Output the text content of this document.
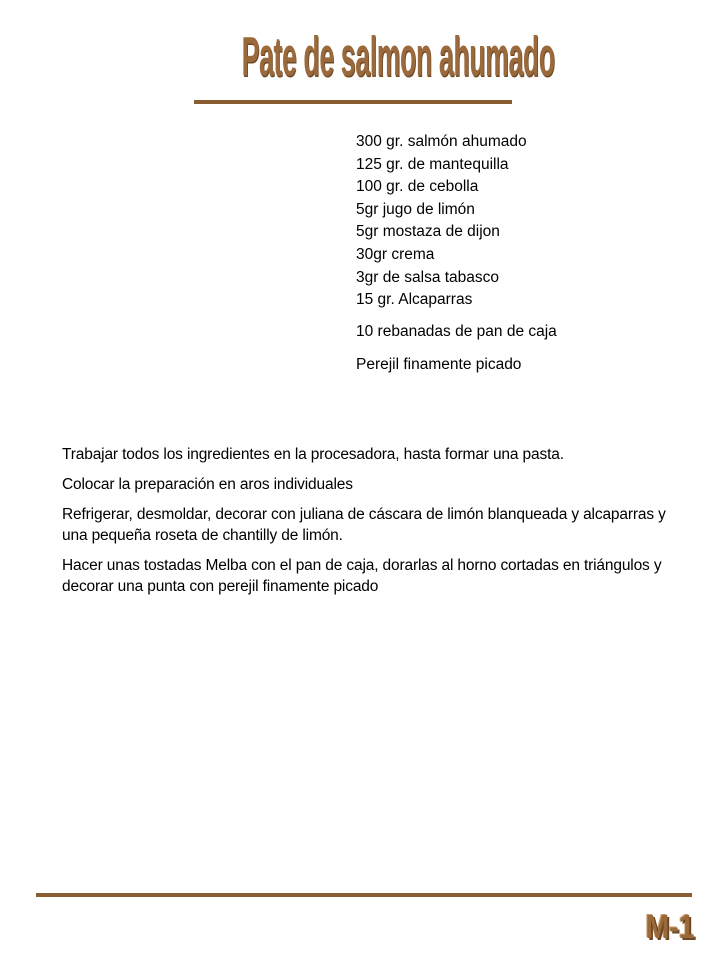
Pate de salmon ahumado
300 gr. salmón ahumado
125 gr. de mantequilla
100 gr. de cebolla
5gr jugo de limón
5gr mostaza de dijon
30gr crema
3gr de salsa tabasco
15 gr. Alcaparras

10 rebanadas de pan de caja

Perejil finamente picado

Trabajar todos los ingredientes en la procesadora, hasta formar una pasta.

Colocar la preparación en aros individuales

Refrigerar, desmoldar, decorar con juliana de cáscara de limón blanqueada y alcaparras y una pequeña roseta de chantilly de limón.

Hacer unas tostadas Melba con el pan de caja, dorarlas al horno cortadas en triángulos y decorar una punta con perejil finamente picado

M-1
